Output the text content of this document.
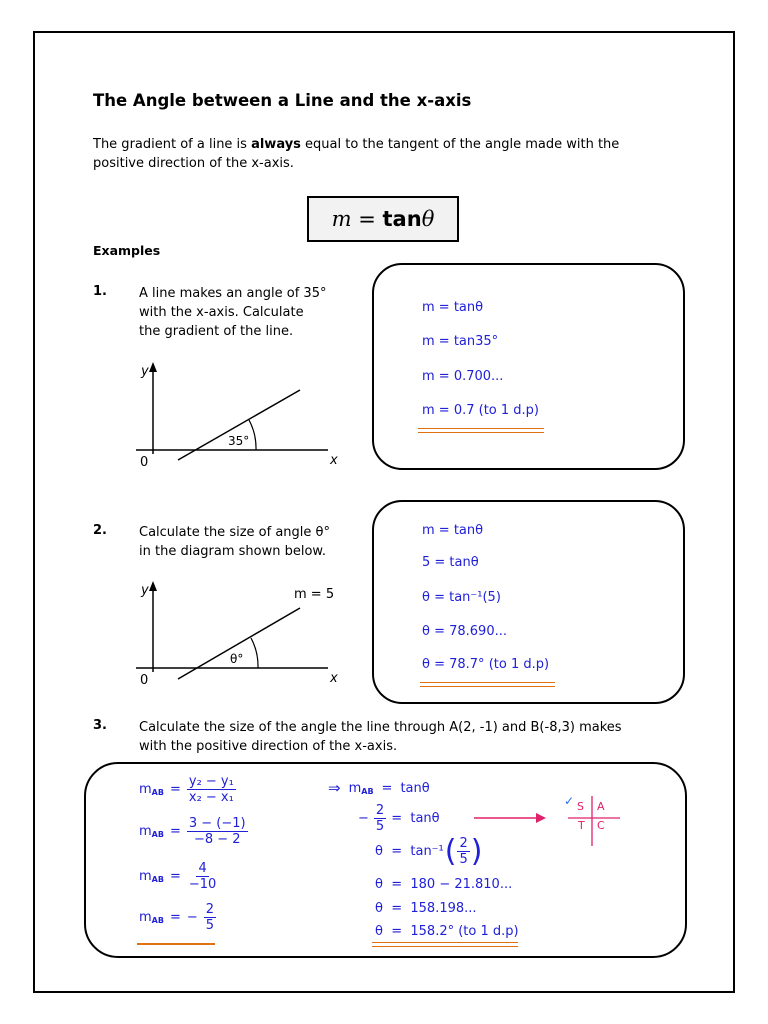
The Angle between a Line and the x-axis
The gradient of a line is always equal to the tangent of the angle made with the
positive direction of the x-axis.
m = tan θ
Examples
1. A line makes an angle of 35°
with the x-axis. Calculate
the gradient of the line.
y
0	x
35°
m = tanθ
m = tan35°
m = 0.700...
m = 0.7 (to 1 d.p)
2. Calculate the size of angle θ°
in the diagram shown below.
y
0	x
θ°
m = 5
m = tanθ
5 = tanθ
θ = tan⁻¹(5)
θ = 78.690...
θ = 78.7° (to 1 d.p)
3. Calculate the size of the angle the line through A(2, -1) and B(-8,3) makes
with the positive direction of the x-axis.
$m_{AB} = \frac{\text{y₂ − y₁}}{\text{x₂ − x₁}}$
$m_{AB} = \frac{3 - (-1)}{-8 - 2}$
$m_{AB} = \frac{4}{-10}$
$m_{AB}$ = − $\frac{2}{5}$
⇒ $m_{AB} = \tan\theta$
− $\frac{2}{5} = \tan\theta$
θ  =  tan⁻¹ ( $\frac{2}{5}$ )
θ  =  180 − 21.810...
θ  =  158.198...
θ  =  158.2° (to 1 d.p)
✓ S A
T C
